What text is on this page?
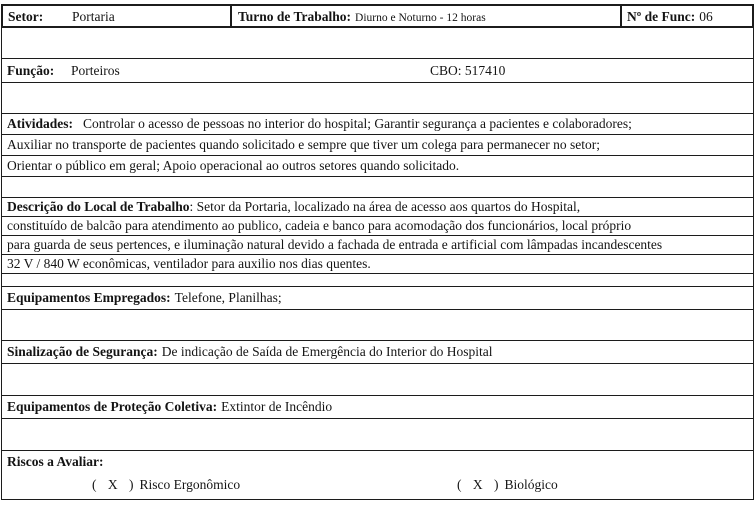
Setor: Portaria	Turno de Trabalho: Diurno e Noturno - 12 horas	Nº de Func: 06
Função: Porteiros	CBO: 517410
Atividades: Controlar o acesso de pessoas no interior do hospital; Garantir segurança a pacientes e colaboradores;
Auxiliar no transporte de pacientes quando solicitado e sempre que tiver um colega para permanecer no setor;
Orientar o público em geral; Apoio operacional ao outros setores quando solicitado.
Descrição do Local de Trabalho: Setor da Portaria, localizado na área de acesso aos quartos do Hospital,
constituído de balcão para atendimento ao publico, cadeia e banco para acomodação dos funcionários, local próprio
para guarda de seus pertences, e iluminação natural devido a fachada de entrada e artificial com lâmpadas incandescentes
32 V / 840 W econômicas, ventilador para auxilio nos dias quentes.
Equipamentos Empregados: Telefone, Planilhas;
Sinalização de Segurança: De indicação de Saída de Emergência do Interior do Hospital
Equipamentos de Proteção Coletiva: Extintor de Incêndio
Riscos a Avaliar:
( X ) Risco Ergonômico	( X ) Biológico
